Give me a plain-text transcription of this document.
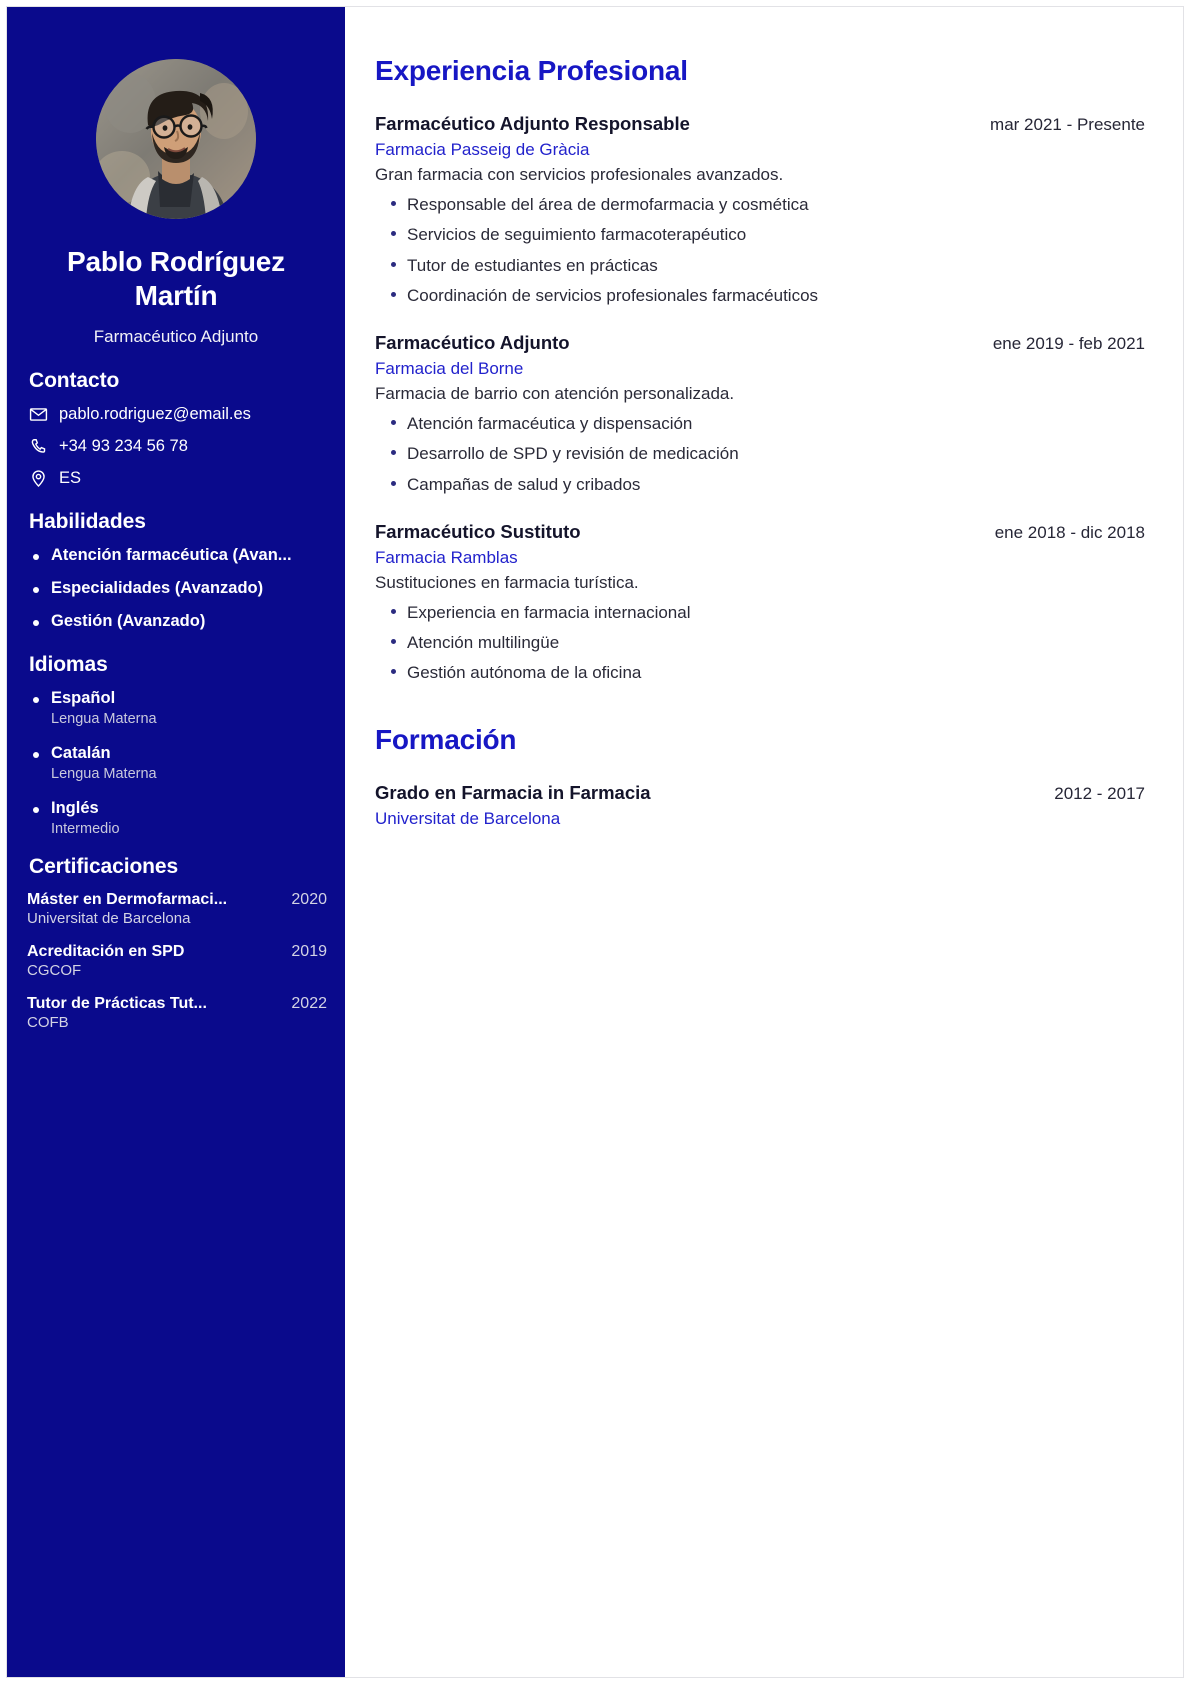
Pablo Rodríguez Martín
Farmacéutico Adjunto
Contacto
pablo.rodriguez@email.es
+34 93 234 56 78
ES
Habilidades
Atención farmacéutica (Avan...
Especialidades (Avanzado)
Gestión (Avanzado)
Idiomas
Español
Lengua Materna
Catalán
Lengua Materna
Inglés
Intermedio
Certificaciones
Máster en Dermofarmaci...	2020
Universitat de Barcelona
Acreditación en SPD	2019
CGCOF
Tutor de Prácticas Tut...	2022
COFB
Experiencia Profesional
Farmacéutico Adjunto Responsable	mar 2021 - Presente
Farmacia Passeig de Gràcia
Gran farmacia con servicios profesionales avanzados.
Responsable del área de dermofarmacia y cosmética
Servicios de seguimiento farmacoterapéutico
Tutor de estudiantes en prácticas
Coordinación de servicios profesionales farmacéuticos
Farmacéutico Adjunto	ene 2019 - feb 2021
Farmacia del Borne
Farmacia de barrio con atención personalizada.
Atención farmacéutica y dispensación
Desarrollo de SPD y revisión de medicación
Campañas de salud y cribados
Farmacéutico Sustituto	ene 2018 - dic 2018
Farmacia Ramblas
Sustituciones en farmacia turística.
Experiencia en farmacia internacional
Atención multilingüe
Gestión autónoma de la oficina
Formación
Grado en Farmacia in Farmacia	2012 - 2017
Universitat de Barcelona
